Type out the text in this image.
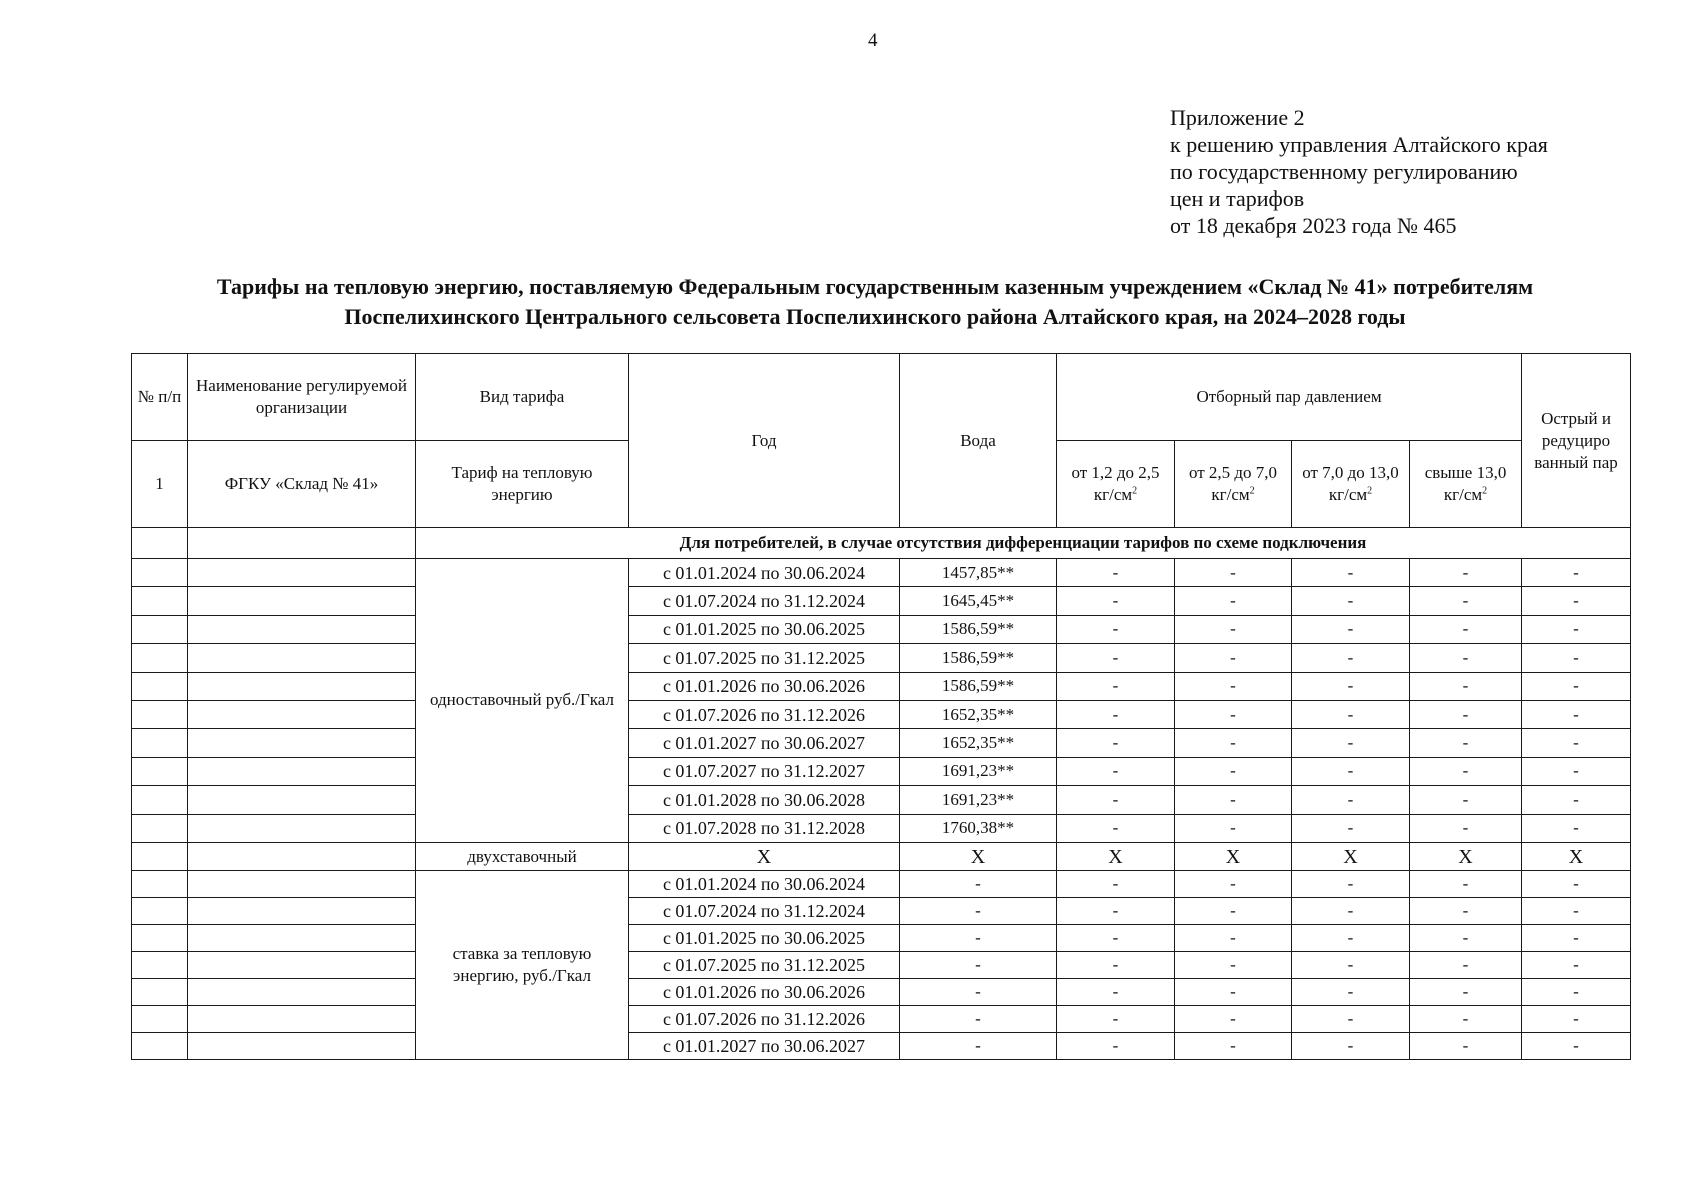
4
Приложение 2
к решению управления Алтайского края
по государственному регулированию
цен и тарифов
от 18 декабря 2023 года № 465
Тарифы на тепловую энергию, поставляемую Федеральным государственным казенным учреждением «Склад № 41» потребителям
Поспелихинского Центрального сельсовета Поспелихинского района Алтайского края, на 2024–2028 годы
№ п/п	Наименование регулируемой организации	Вид тарифа	Год	Вода	Отборный пар давлением				Острый и редуциро ванный пар
1	ФГКУ «Склад № 41»	Тариф на тепловую энергию			от 1,2 до 2,5 $кг/см^2$	от 2,5 до 7,0 $кг/см^2$	от 7,0 до 13,0 $кг/см^2$	свыше 13,0 $кг/см^2$
		Для потребителей, в случае отсутствия дифференциации тарифов по схеме подключения							
		одноставочный руб./Гкал	с 01.01.2024 по 30.06.2024	1457,85**	-	-	-	-	-
			с 01.07.2024 по 31.12.2024	1645,45**	-	-	-	-	-
			с 01.01.2025 по 30.06.2025	1586,59**	-	-	-	-	-
			с 01.07.2025 по 31.12.2025	1586,59**	-	-	-	-	-
			с 01.01.2026 по 30.06.2026	1586,59**	-	-	-	-	-
			с 01.07.2026 по 31.12.2026	1652,35**	-	-	-	-	-
			с 01.01.2027 по 30.06.2027	1652,35**	-	-	-	-	-
			с 01.07.2027 по 31.12.2027	1691,23**	-	-	-	-	-
			с 01.01.2028 по 30.06.2028	1691,23**	-	-	-	-	-
			с 01.07.2028 по 31.12.2028	1760,38**	-	-	-	-	-
		двухставочный	Х	Х	Х	Х	Х	Х	Х
		ставка за тепловую энергию, руб./Гкал	с 01.01.2024 по 30.06.2024	-	-	-	-	-	-
			с 01.07.2024 по 31.12.2024	-	-	-	-	-	-
			с 01.01.2025 по 30.06.2025	-	-	-	-	-	-
			с 01.07.2025 по 31.12.2025	-	-	-	-	-	-
			с 01.01.2026 по 30.06.2026	-	-	-	-	-	-
			с 01.07.2026 по 31.12.2026	-	-	-	-	-	-
			с 01.01.2027 по 30.06.2027	-	-	-	-	-	-
